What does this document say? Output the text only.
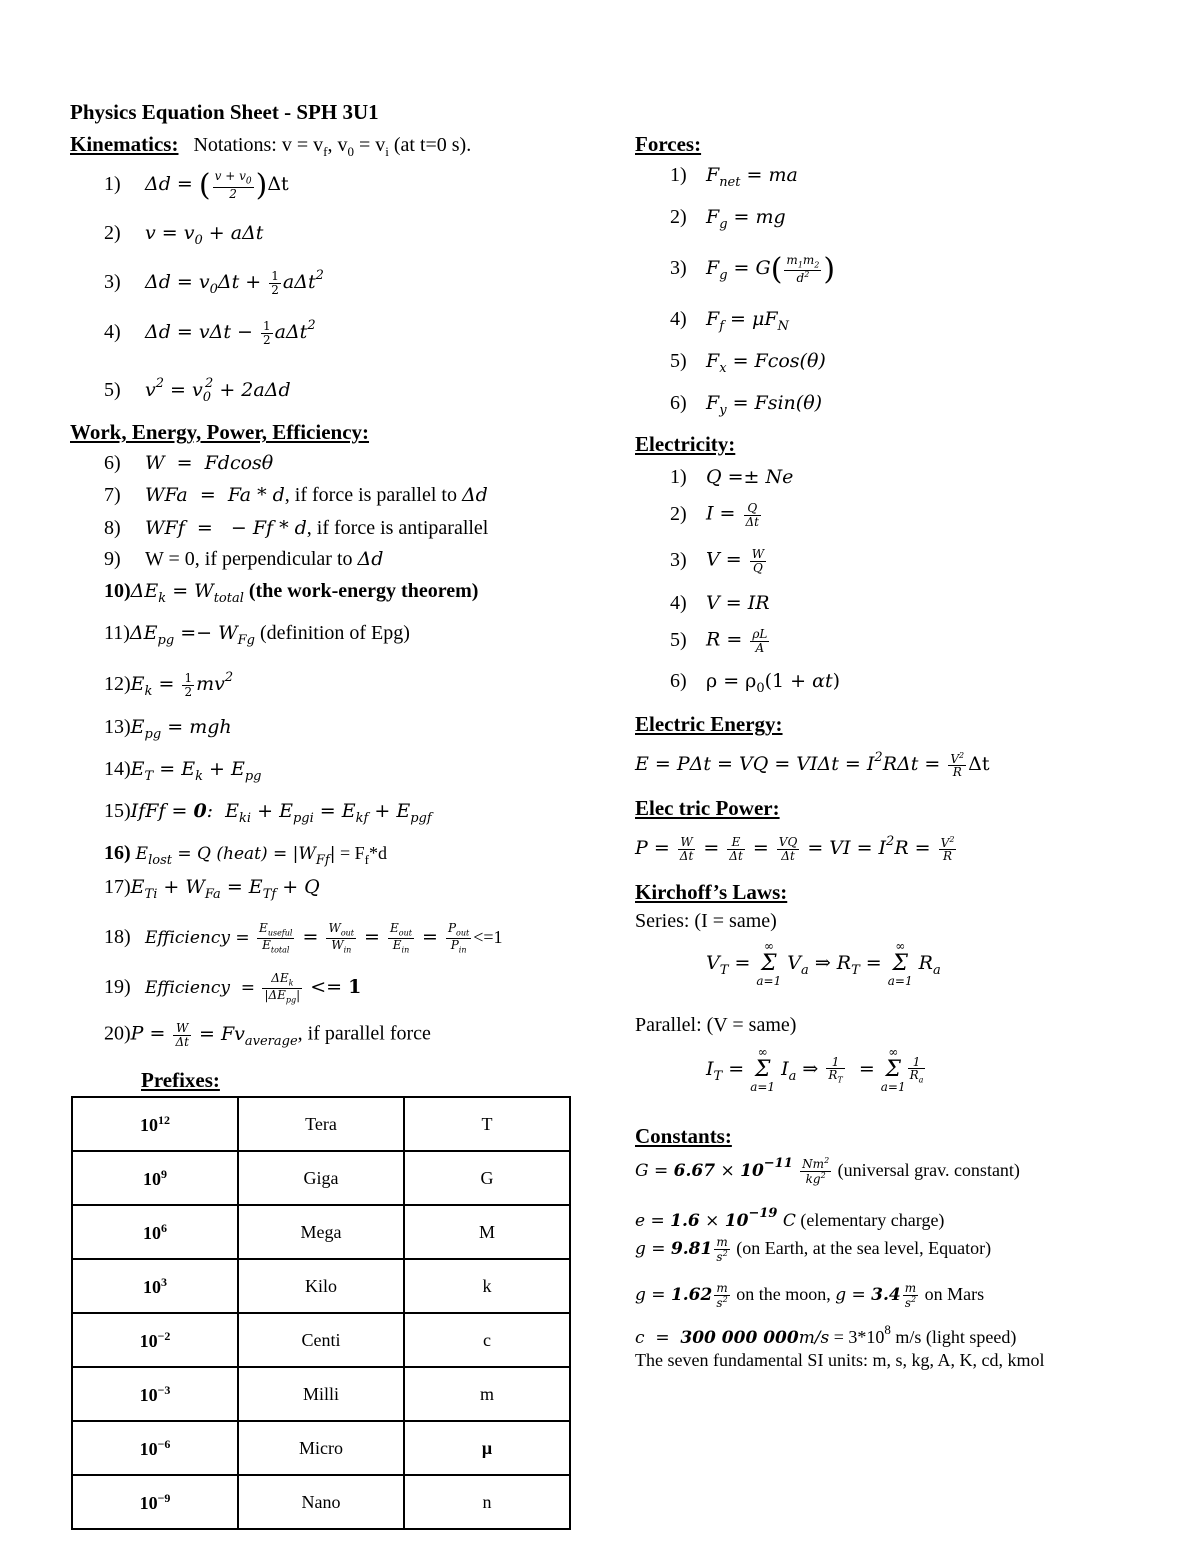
Physics Equation Sheet - SPH 3U1
Kinematics: Notations: $v = v_f$, $v_0 = v_i$ (at t=0 s).
1) Δd = ( $\frac{v + v_0}{2} )\Delta t$
2) $v = v_0 + a\Delta t$
3) $\Delta d = v_0\Delta t + \frac{1}{2} a\Delta t^2$
4) $\Delta d = v\Delta t - \frac{1}{2} a\Delta t^2$
5) $v^2 = v_0^2 + 2a\Delta d$
Work, Energy, Power, Efficiency:
6) W  =  Fdcosθ
7) WFa  =  Fa * d, if force is parallel to Δd
8) WFf  =   − Ff * d, if force is antiparallel
9) W = 0, if perpendicular to Δd
$10)\Delta E_k = W_{total}$ (the work-energy theorem)
$11)\Delta E_{pg} =- W_{Fg}$ (definition of Epg)
$12)E_k = \frac{1}{2} mv^2$
$13)E_{pg}$ = mgh
$14)E_T = E_k + E_{pg}$
15)IfFf = 0:  $E_{ki} + E_{pgi} = E_{kf} + E_{pgf}$
16) $E_{lost} = Q$ (heat) = $|W_{Ff}| = F_f*d$
$17)E_{Ti} + W_{Fa} = E_{Tf} + Q$
18) Efficiency = $\frac{E_{useful}}{E_{total}} = \frac{W_{out}}{W_{in}} = \frac{E_{out}}{E_{in}} = \frac{P_{out}}{P_{in}} <=1$
19) Efficiency  = $\frac{\Delta E_k}{|\Delta E_{pg}|} <= 1$
$20)P = \frac{W}{\Delta t} = Fv_{average}$, if parallel force
Prefixes:
$10^{12}$	Tera	T
$10^9$	Giga	G
$10^6$	Mega	M
$10^3$	Kilo	k
$10^{-2}$	Centi	c
$10^{-3}$	Milli	m
$10^{-6}$	Micro	μ
$10^{-9}$	Nano	n
Forces:
1) $F_{net}$ = ma
2) $F_g$ = mg
3) $F_g = G( \frac{m_1m_2}{d^2}$ )
4) $F_f = \mu F_N$
5) $F_x = Fcos(\theta)$
6) $F_y = Fsin(\theta)$
Electricity:
1) Q =± Ne
2) $I = \frac{Q}{\Delta t}$
3) $V = \frac{W}{Q}$
4) V = IR
5) $R = \frac{\rho L}{A}$
6) $\rho = \rho_0(1 + \alpha t)$
Electric Energy:
E = PΔt = VQ = $VI\Delta t = I^2R\Delta t = \frac{V^2}{R}$ Δt
Elec tric Power:
$P = \frac{W}{\Delta t} = \frac{E}{\Delta t} = \frac{VQ}{\Delta t}$ = VI = $I^2R = \frac{V^2}{R}$
Kirchoff’s Laws:
Series: (I = same)
$V_T$ = ∞
Σ
a=1 $V_a$ ⇒ $R_T$ = ∞
Σ
a=1 $R_a$
Parallel: (V = same)
$I_T$ = ∞
Σ
a=1 $I_a$ ⇒ $\frac{1}{R_T}$ = ∞
Σ
a=1
$\frac{1}{R_a}$
Constants:
$G = 6.67 \times 10^{-11} \frac{Nm^2}{kg^2}$ (universal grav. constant)
$e = 1.6 \times 10^{-19}$ C (elementary charge)
$g = 9.81 \frac{m}{s^2} (on$ Earth, at the sea level, Equator)
$g = 1.62 \frac{m}{s^2}$ on the moon, $g = 3.4 \frac{m}{s^2}$ on Mars
c  =  300 000 $000m/s = 3*10^8$ m/s (light speed)
The seven fundamental SI units: m, s, kg, A, K, cd, kmol
